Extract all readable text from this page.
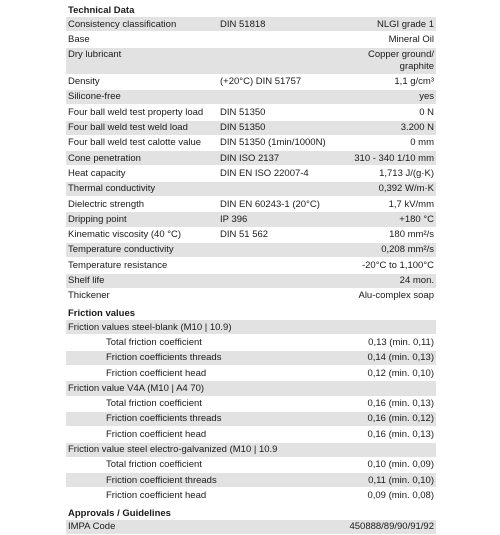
Technical Data
Consistency classification	DIN 51818	NLGI grade 1
Base	Mineral Oil
Dry lubricant	Copper ground/
graphite
Density	(+20°C) DIN 51757	1,1 g/cm³
Silicone-free	yes
Four ball weld test property load	DIN 51350	0 N
Four ball weld test weld load	DIN 51350	3.200 N
Four ball weld test calotte value	DIN 51350 (1min/1000N)	0 mm
Cone penetration	DIN ISO 2137	310 - 340 1/10 mm
Heat capacity	DIN EN ISO 22007-4	1,713 J/(g·K)
Thermal conductivity	0,392 W/m·K
Dielectric strength	DIN EN 60243-1 (20°C)	1,7 kV/mm
Dripping point	IP 396	+180 °C
Kinematic viscosity (40 °C)	DIN 51 562	180 mm²/s
Temperature conductivity	0,208 mm²/s
Temperature resistance	-20°C to 1,100°C
Shelf life	24 mon.
Thickener	Alu-complex soap
Friction values
Friction values steel-blank (M10 | 10.9)
Total friction coefficient	0,13 (min. 0,11)
Friction coefficients threads	0,14 (min. 0,13)
Friction coefficient head	0,12 (min. 0,10)
Friction value V4A (M10 | A4 70)
Total friction coefficient	0,16 (min. 0,13)
Friction coefficients threads	0,16 (min. 0,12)
Friction coefficient head	0,16 (min. 0,13)
Friction value steel electro-galvanized (M10 | 10.9
Total friction coefficient	0,10 (min. 0,09)
Friction coefficient threads	0,11 (min. 0,10)
Friction coefficient head	0,09 (min. 0,08)
Approvals / Guidelines
IMPA Code	450888/89/90/91/92
